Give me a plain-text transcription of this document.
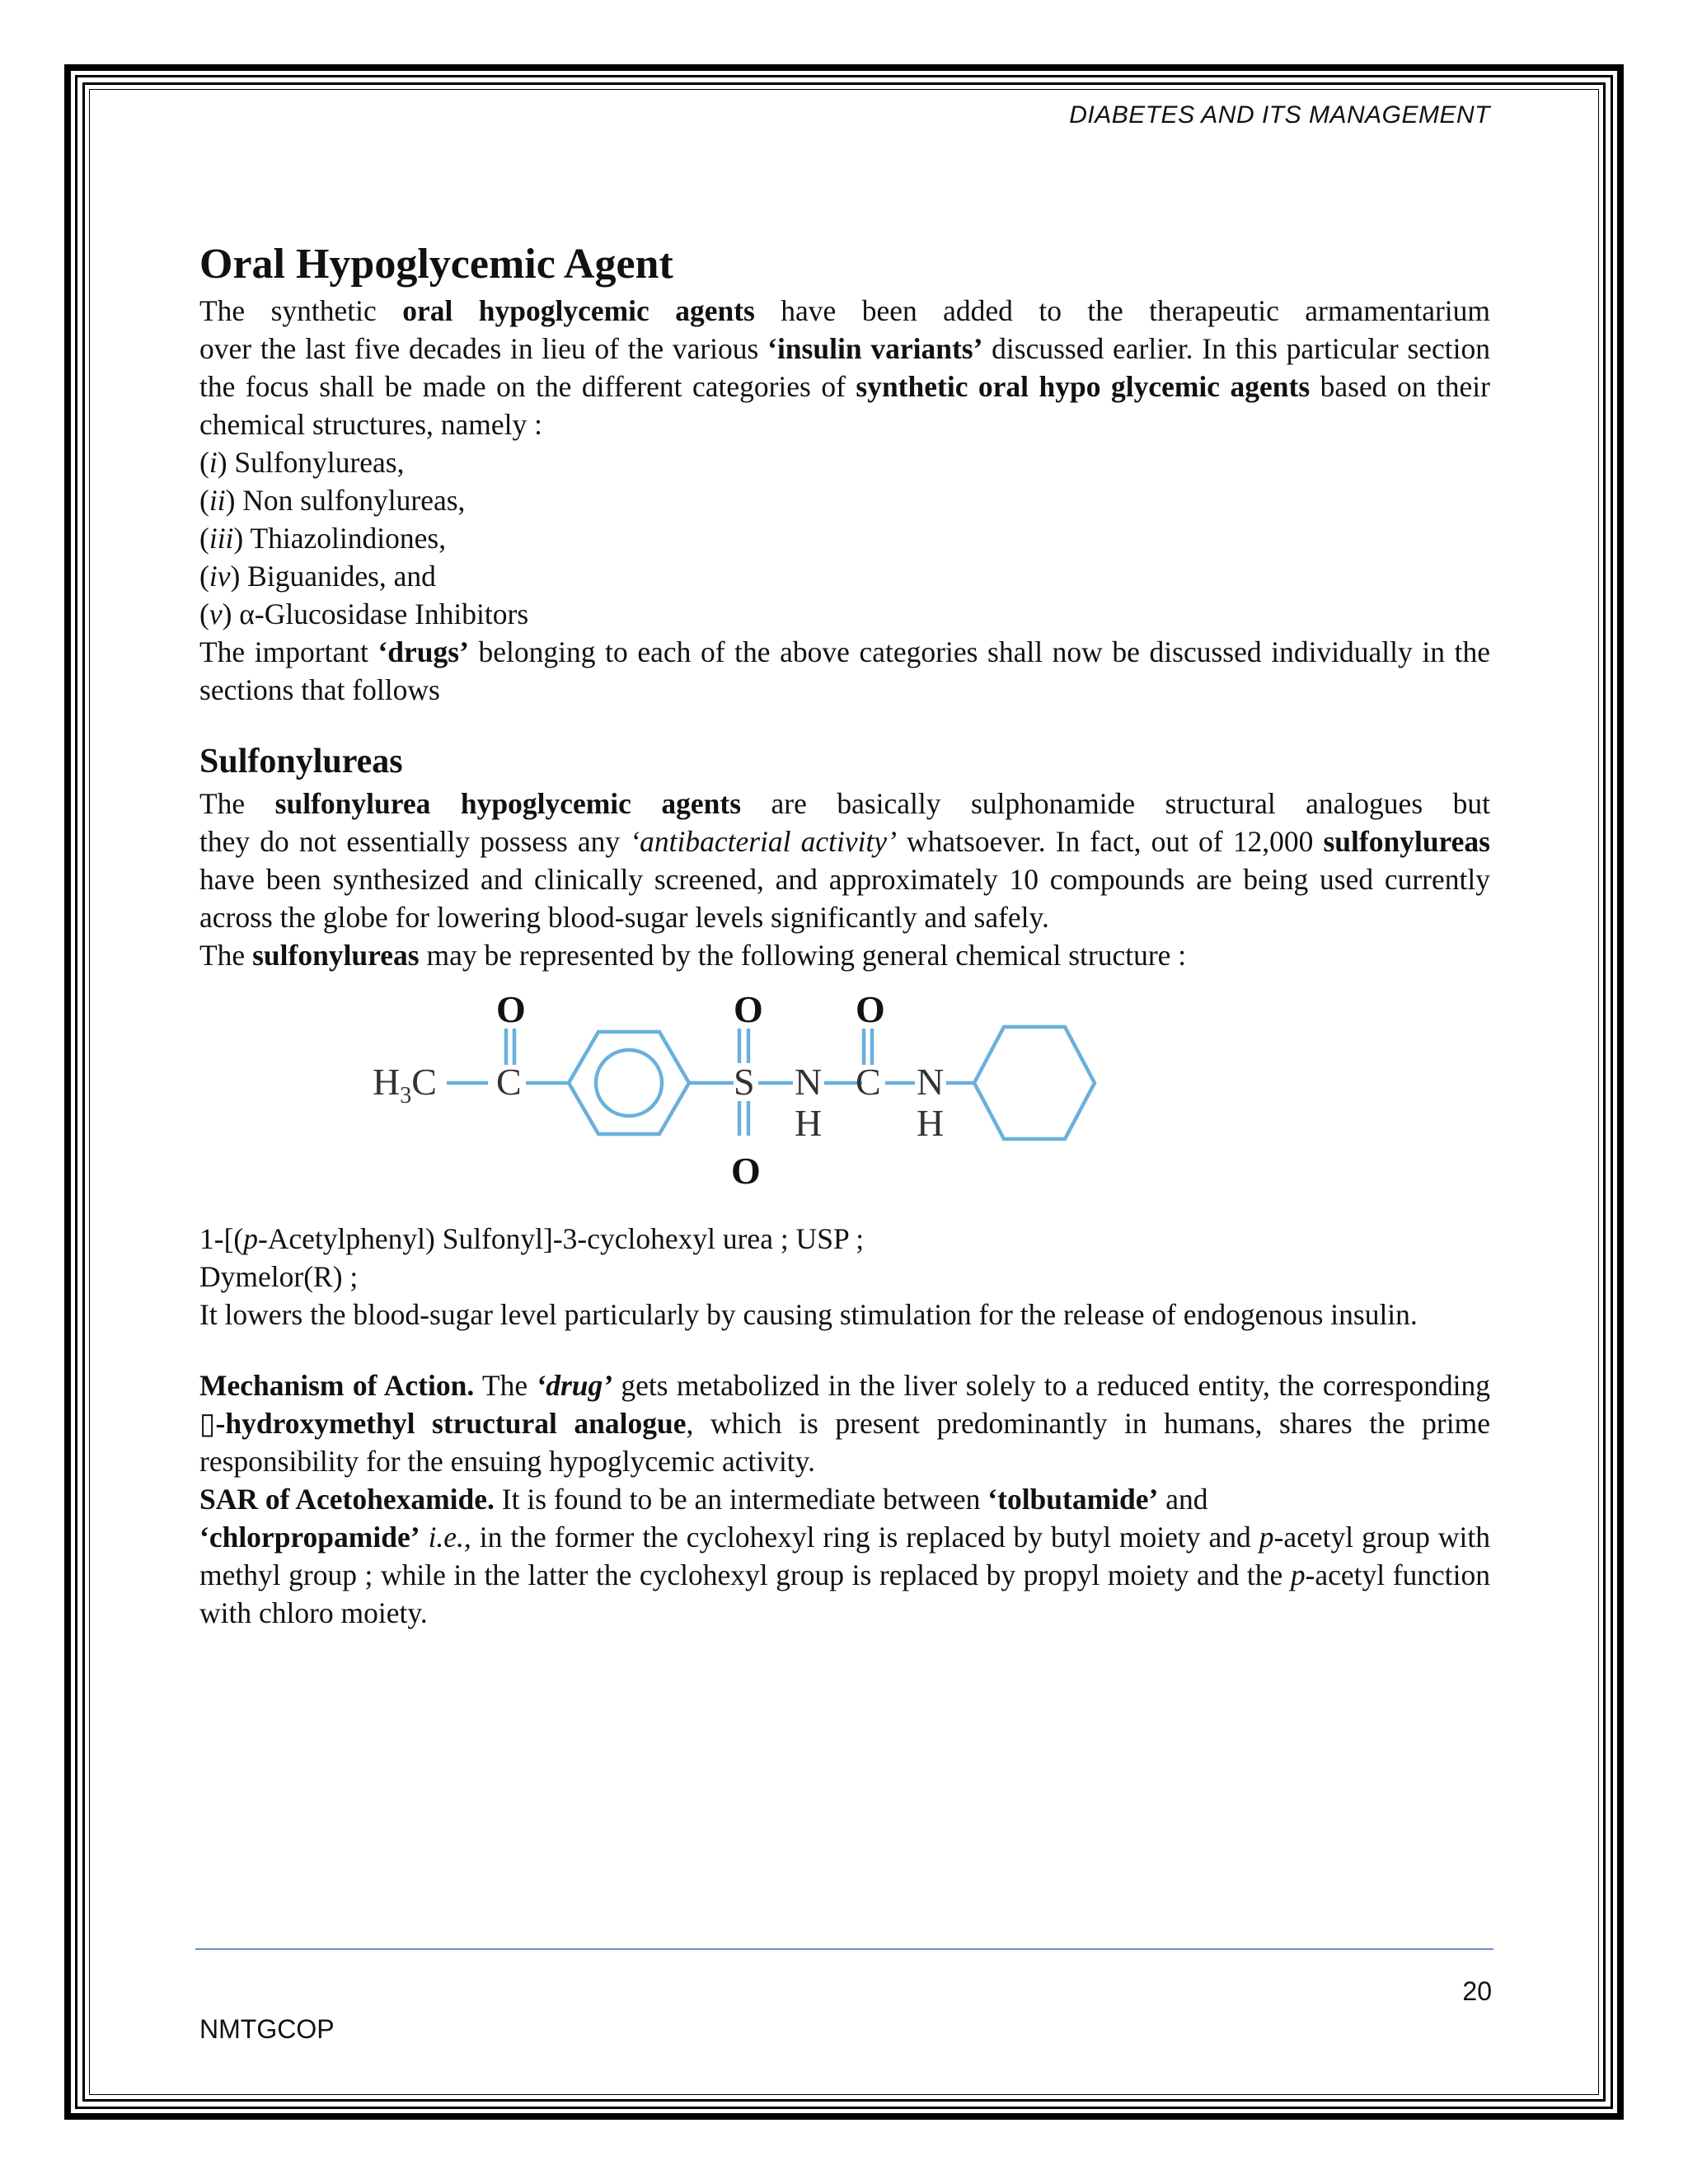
DIABETES AND ITS MANAGEMENT
Oral Hypoglycemic Agent

The synthetic oral hypoglycemic agents have been added to the therapeutic armamentarium

over the last five decades in lieu of the various ‘insulin variants’ discussed earlier. In this particular section the focus shall be made on the different categories of synthetic oral hypo glycemic agents based on their chemical structures, namely :

(i) Sulfonylureas,

(ii) Non sulfonylureas,

(iii) Thiazolindiones,

(iv) Biguanides, and

(v) α-Glucosidase Inhibitors

The important ‘drugs’ belonging to each of the above categories shall now be discussed individually in the sections that follows

Sulfonylureas

The sulfonylurea hypoglycemic agents are basically sulphonamide structural analogues but

they do not essentially possess any ‘antibacterial activity’ whatsoever. In fact, out of 12,000 sulfonylureas have been synthesized and clinically screened, and approximately 10 compounds are being used currently across the globe for lowering blood-sugar levels significantly and safely.

The sulfonylureas may be represented by the following general chemical structure :

O
$H_3C$ C
O
S
O
N
H
O
C N
H

1-[(p-Acetylphenyl) Sulfonyl]-3-cyclohexyl urea ; USP ;

Dymelor(R) ;

It lowers the blood-sugar level particularly by causing stimulation for the release of endogenous insulin.

Mechanism of Action. The ‘drug’ gets metabolized in the liver solely to a reduced entity, the corresponding ▯-hydroxymethyl structural analogue, which is present predominantly in humans, shares the prime responsibility for the ensuing hypoglycemic activity.

SAR of Acetohexamide. It is found to be an intermediate between ‘tolbutamide’ and

‘chlorpropamide’ i.e., in the former the cyclohexyl ring is replaced by butyl moiety and p-acetyl group with methyl group ; while in the latter the cyclohexyl group is replaced by propyl moiety and the p-acetyl function with chloro moiety.

20
NMTGCOP
